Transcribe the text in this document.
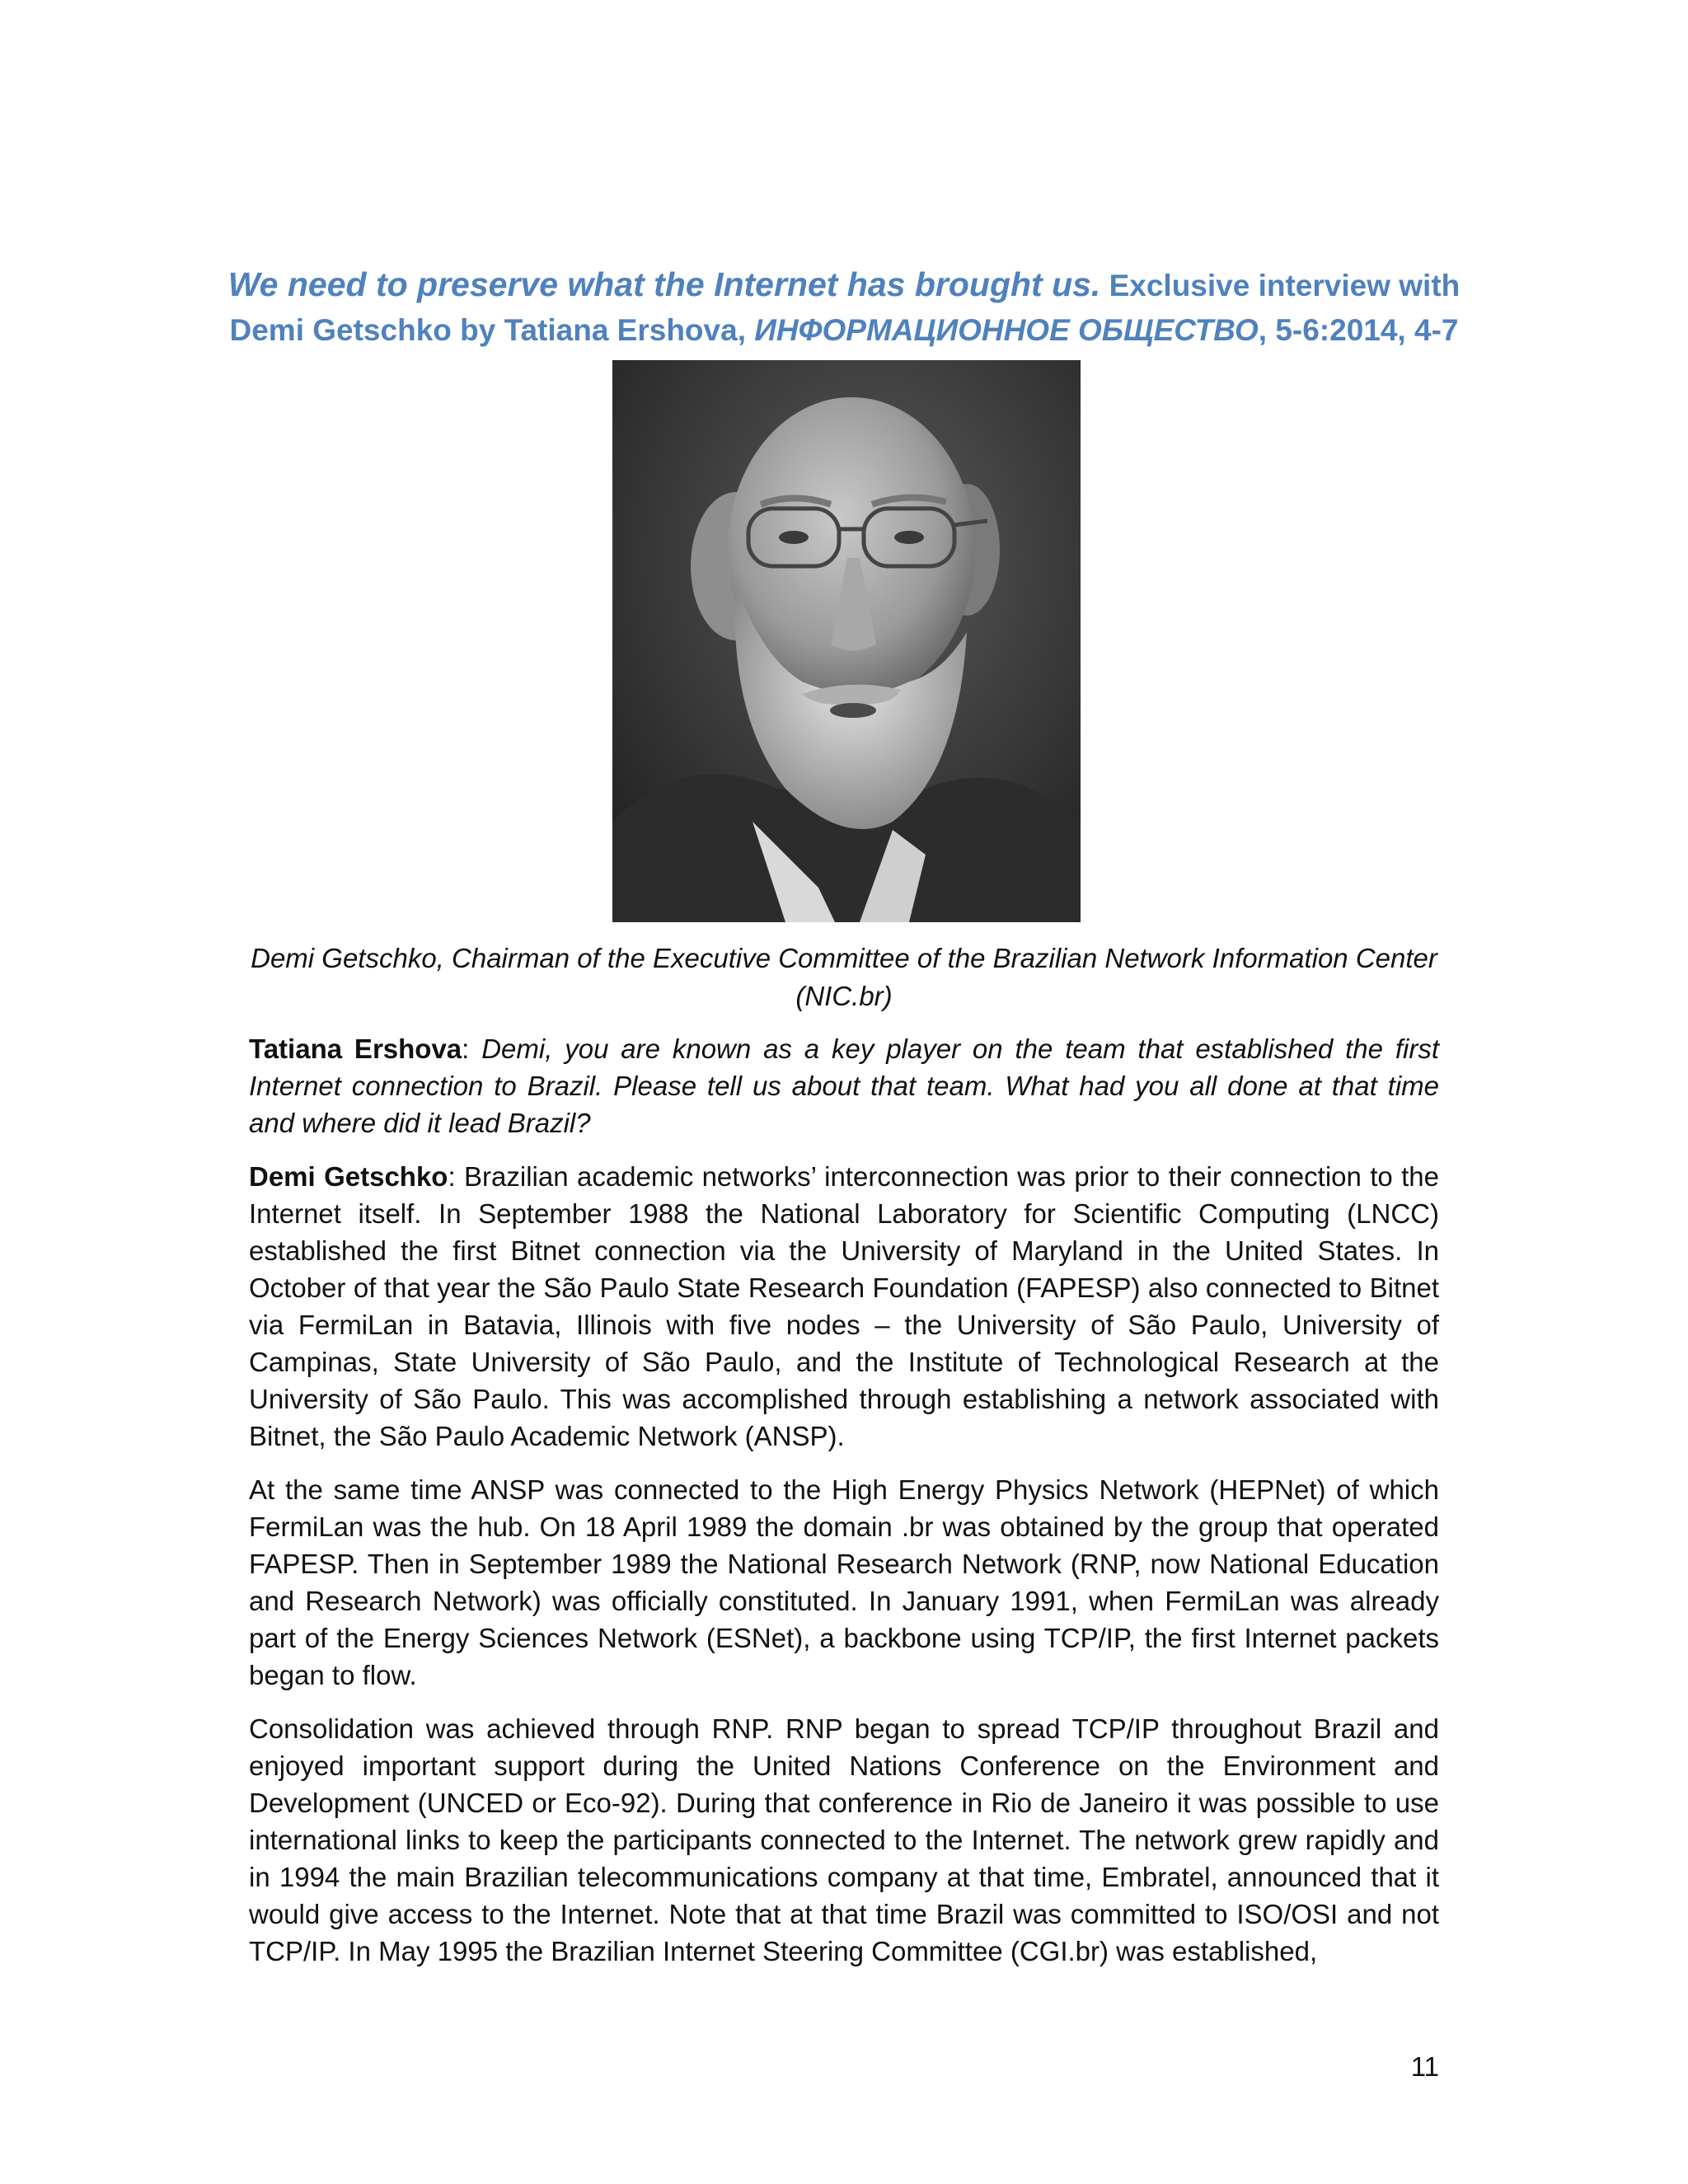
We need to preserve what the Internet has brought us. Exclusive interview with Demi Getschko by Tatiana Ershova, ИНФОРМАЦИОННОЕ ОБЩЕСТВО, 5-6:2014, 4-7
Demi Getschko, Chairman of the Executive Committee of the Brazilian Network Information Center (NIC.br)

Tatiana Ershova: Demi, you are known as a key player on the team that established the first Internet connection to Brazil. Please tell us about that team. What had you all done at that time and where did it lead Brazil?

Demi Getschko: Brazilian academic networks’ interconnection was prior to their connection to the Internet itself. In September 1988 the National Laboratory for Scientific Computing (LNCC) established the first Bitnet connection via the University of Maryland in the United States. In October of that year the São Paulo State Research Foundation (FAPESP) also connected to Bitnet via FermiLan in Batavia, Illinois with five nodes – the University of São Paulo, University of Campinas, State University of São Paulo, and the Institute of Technological Research at the University of São Paulo. This was accomplished through establishing a network associated with Bitnet, the São Paulo Academic Network (ANSP).

At the same time ANSP was connected to the High Energy Physics Network (HEPNet) of which FermiLan was the hub. On 18 April 1989 the domain .br was obtained by the group that operated FAPESP. Then in September 1989 the National Research Network (RNP, now National Education and Research Network) was officially constituted. In January 1991, when FermiLan was already part of the Energy Sciences Network (ESNet), a backbone using TCP/IP, the first Internet packets began to flow.

Consolidation was achieved through RNP. RNP began to spread TCP/IP throughout Brazil and enjoyed important support during the United Nations Conference on the Environment and Development (UNCED or Eco-92). During that conference in Rio de Janeiro it was possible to use international links to keep the participants connected to the Internet. The network grew rapidly and in 1994 the main Brazilian telecommunications company at that time, Embratel, announced that it would give access to the Internet. Note that at that time Brazil was committed to ISO/OSI and not TCP/IP. In May 1995 the Brazilian Internet Steering Committee (CGI.br) was established,

11
